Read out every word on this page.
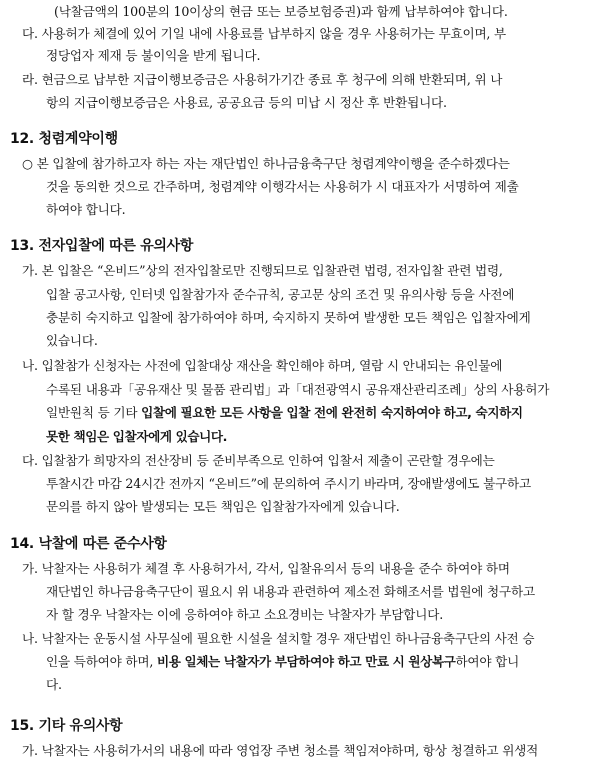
(낙찰금액의 100분의 10이상의 현금 또는 보증보험증권)과 함께 납부하여야 합니다.
다. 사용허가 체결에 있어 기일 내에 사용료를 납부하지 않을 경우 사용허가는 무효이며, 부
정당업자 제재 등 불이익을 받게 됩니다.
라. 현금으로 납부한 지급이행보증금은 사용허가기간 종료 후 청구에 의해 반환되며, 위 나
항의 지급이행보증금은 사용료, 공공요금 등의 미납 시 정산 후 반환됩니다.
12. 청렴계약이행
○ 본 입찰에 참가하고자 하는 자는 재단법인 하나금융축구단 청렴계약이행을 준수하겠다는
것을 동의한 것으로 간주하며, 청렴계약 이행각서는 사용허가 시 대표자가 서명하여 제출
하여야 합니다.
13. 전자입찰에 따른 유의사항
가. 본 입찰은 “온비드”상의 전자입찰로만 진행되므로 입찰관련 법령, 전자입찰 관련 법령,
입찰 공고사항, 인터넷 입찰참가자 준수규칙, 공고문 상의 조건 및 유의사항 등을 사전에
충분히 숙지하고 입찰에 참가하여야 하며, 숙지하지 못하여 발생한 모든 책임은 입찰자에게
있습니다.
나. 입찰참가 신청자는 사전에 입찰대상 재산을 확인해야 하며, 열람 시 안내되는 유인물에
수록된 내용과「공유재산 및 물품 관리법」과「대전광역시 공유재산관리조례」상의 사용허가
일반원칙 등 기타 입찰에 필요한 모든 사항을 입찰 전에 완전히 숙지하여야 하고, 숙지하지
못한 책임은 입찰자에게 있습니다.
다. 입찰참가 희망자의 전산장비 등 준비부족으로 인하여 입찰서 제출이 곤란할 경우에는
투찰시간 마감 24시간 전까지 “온비드”에 문의하여 주시기 바라며, 장애발생에도 불구하고
문의를 하지 않아 발생되는 모든 책임은 입찰참가자에게 있습니다.
14. 낙찰에 따른 준수사항
가. 낙찰자는 사용허가 체결 후 사용허가서, 각서, 입찰유의서 등의 내용을 준수 하여야 하며
재단법인 하나금융축구단이 필요시 위 내용과 관련하여 제소전 화해조서를 법원에 청구하고
자 할 경우 낙찰자는 이에 응하여야 하고 소요경비는 낙찰자가 부담합니다.
나. 낙찰자는 운동시설 사무실에 필요한 시설을 설치할 경우 재단법인 하나금융축구단의 사전 승
인을 득하여야 하며, 비용 일체는 낙찰자가 부담하여야 하고 만료 시 원상복구하여야 합니
다.
15. 기타 유의사항
가. 낙찰자는 사용허가서의 내용에 따라 영업장 주변 청소를 책임져야하며, 항상 청결하고 위생적
